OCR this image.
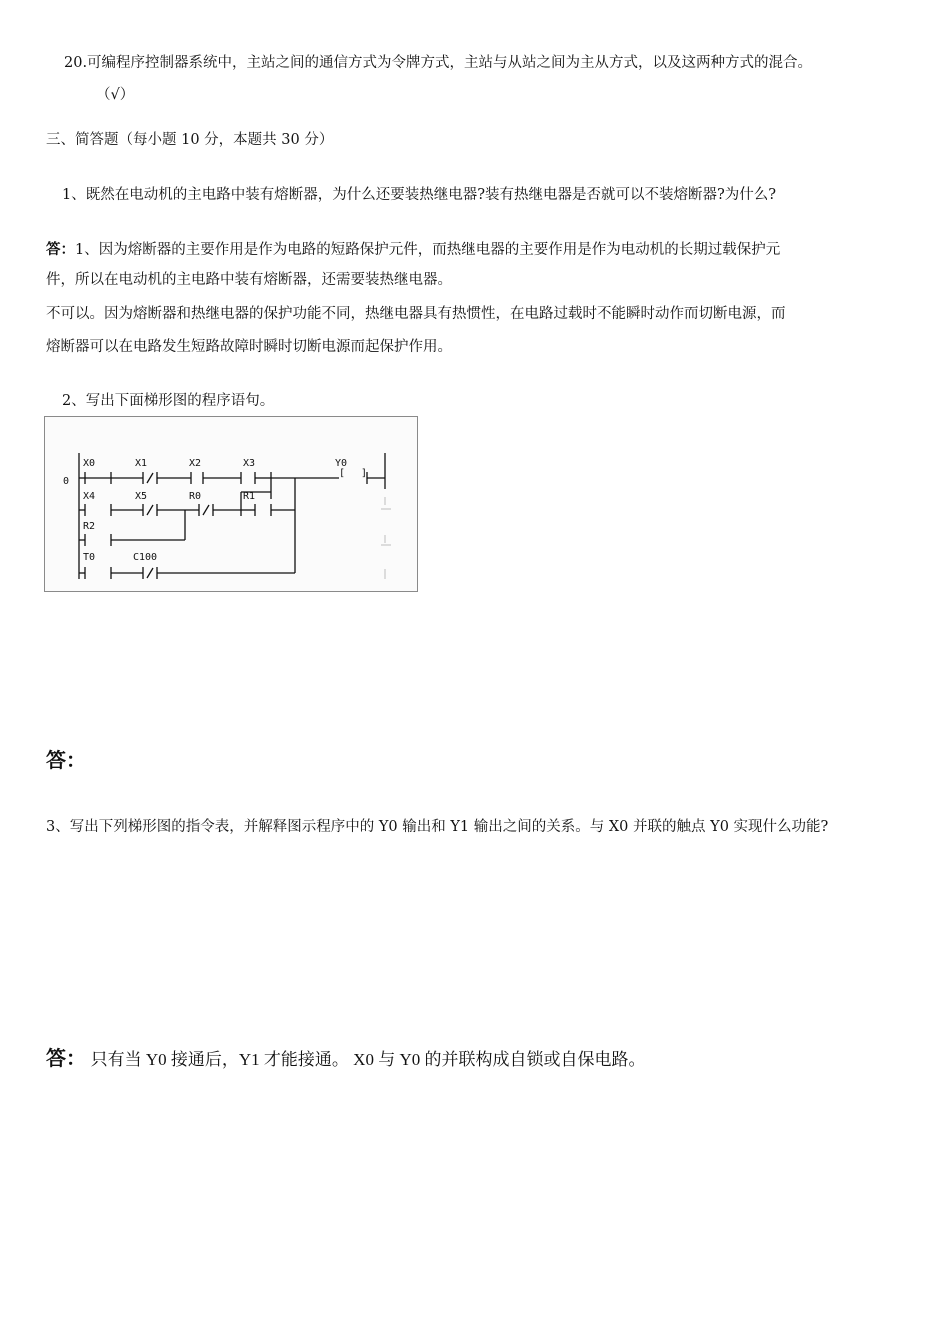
20.可编程序控制器系统中，主站之间的通信方式为令牌方式，主站与从站之间为主从方式，以及这两种方式的混合。
（√）
三、简答题（每小题 10 分，本题共 30 分）
1、既然在电动机的主电路中装有熔断器，为什么还要装热继电器?装有热继电器是否就可以不装熔断器?为什么?
答：1、因为熔断器的主要作用是作为电路的短路保护元件，而热继电器的主要作用是作为电动机的长期过载保护元
件，所以在电动机的主电路中装有熔断器，还需要装热继电器。
不可以。因为熔断器和热继电器的保护功能不同，热继电器具有热惯性，在电路过载时不能瞬时动作而切断电源，而
熔断器可以在电路发生短路故障时瞬时切断电源而起保护作用。
2、写出下面梯形图的程序语句。
0
X0	X1	X2	X3
[ ]
Y0
X4	X5	R0	R1
R2
T0	C100
答：
3、写出下列梯形图的指令表，并解释图示程序中的 Y0 输出和 Y1 输出之间的关系。与 X0 并联的触点 Y0 实现什么功能?
答： 只有当 Y0 接通后，Y1 才能接通。 X0 与 Y0 的并联构成自锁或自保电路。
